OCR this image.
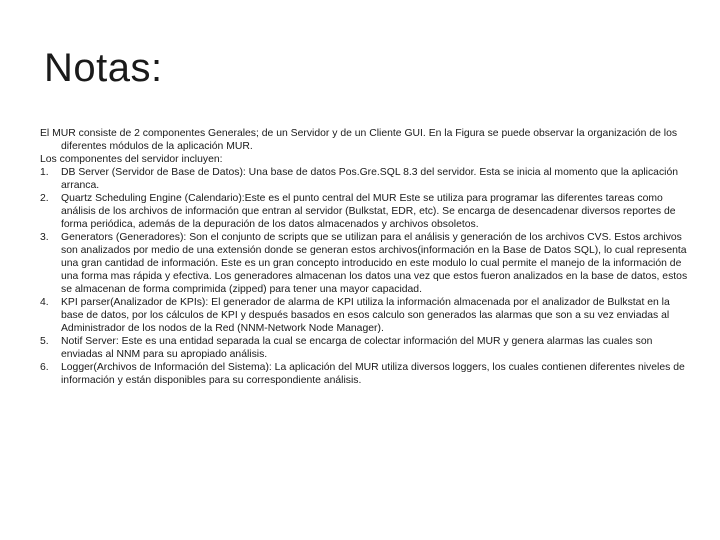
Notas:

El MUR consiste de 2 componentes Generales; de un Servidor y de un Cliente GUI. En la Figura se puede observar la organización de los diferentes módulos de la aplicación MUR.

Los componentes del servidor incluyen:

1. DB Server (Servidor de Base de Datos): Una base de datos Pos.Gre.SQL 8.3 del servidor. Esta se inicia al momento que la aplicación arranca.
2. Quartz Scheduling Engine (Calendario):Este es el punto central del MUR Este se utiliza para programar las diferentes tareas como análisis de los archivos de información que entran al servidor (Bulkstat, EDR, etc). Se encarga de desencadenar diversos reportes de forma periódica, además de la depuración de los datos almacenados y archivos obsoletos.
3. Generators (Generadores): Son el conjunto de scripts que se utilizan para el análisis y generación de los archivos CVS. Estos archivos son analizados por medio de una extensión donde se generan estos archivos(información en la Base de Datos SQL), lo cual representa una gran cantidad de información. Este es un gran concepto introducido en este modulo lo cual permite el manejo de la información de una forma mas rápida y efectiva. Los generadores almacenan los datos una vez que estos fueron analizados en la base de datos, estos se almacenan de forma comprimida (zipped) para tener una mayor capacidad.
4. KPI parser(Analizador de KPIs): El generador de alarma de KPI utiliza la información almacenada por el analizador de Bulkstat en la base de datos, por los cálculos de KPI y después basados en esos calculo son generados las alarmas que son a su vez enviadas al Administrador de los nodos de la Red (NNM-Network Node Manager).
5. Notif Server: Este es una entidad separada la cual se encarga de colectar información del MUR y genera alarmas las cuales son enviadas al NNM para su apropiado análisis.
6. Logger(Archivos de Información del Sistema): La aplicación del MUR utiliza diversos loggers, los cuales contienen diferentes niveles de información y están disponibles para su correspondiente análisis.
